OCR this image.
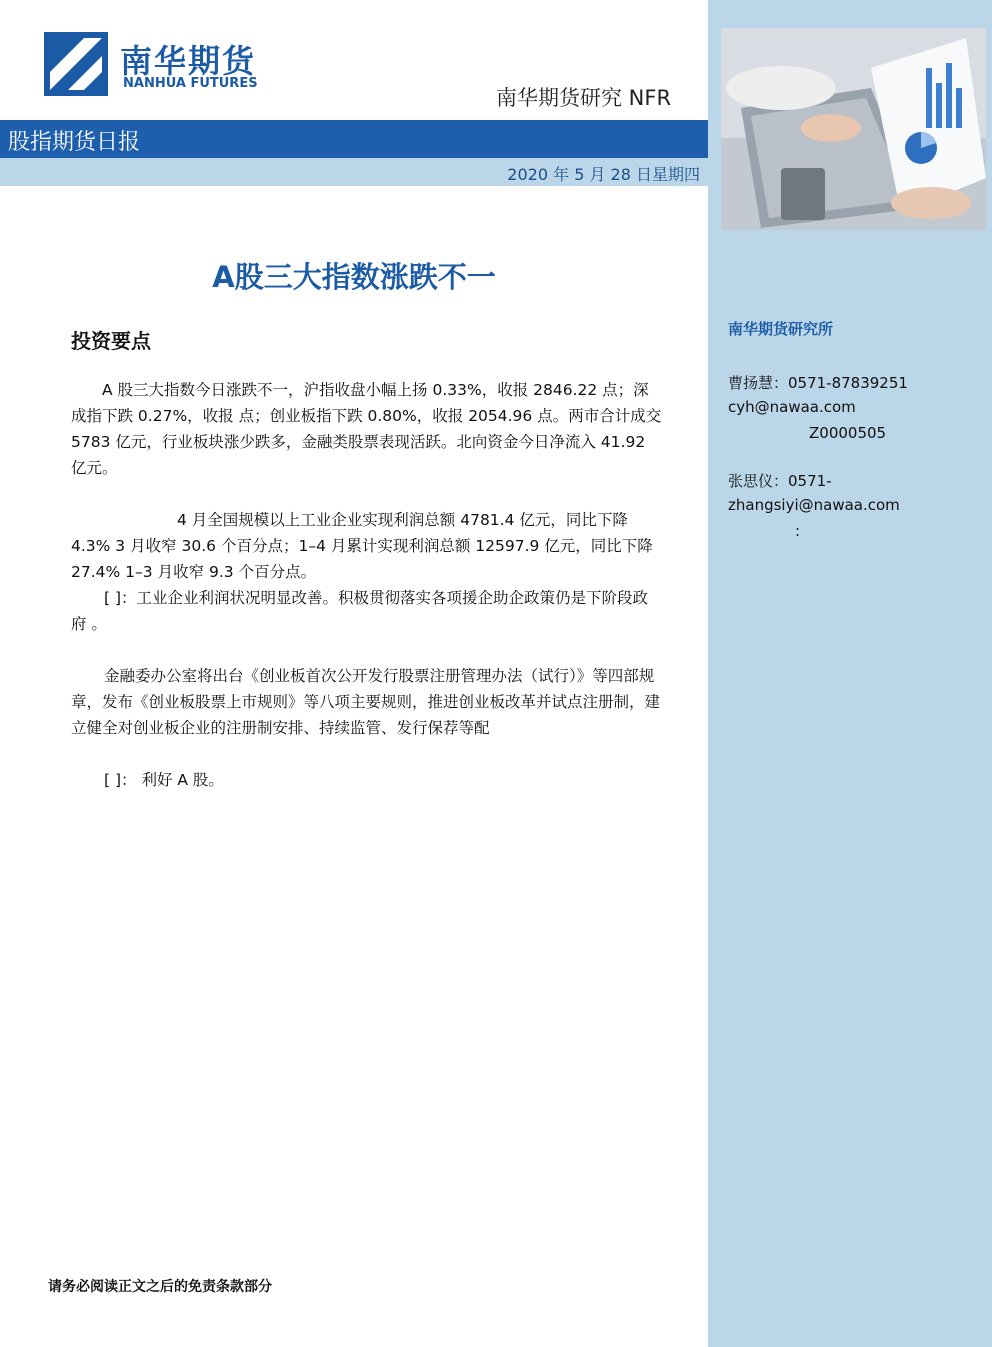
南华期货
NANHUA FUTURES
南华期货研究 NFR
股指期货日报
2020 年 5 月 28 日星期四
A股三大指数涨跌不一
投资要点
A 股三大指数今日涨跌不一，沪指收盘小幅上扬 0.33%，收报 2846.22 点；深成指下跌 0.27%，收报 点；创业板指下跌 0.80%，收报 2054.96 点。两市合计成交 5783 亿元，行业板块涨少跌多，金融类股票表现活跃。北向资金今日净流入 41.92 亿元。
4 月全国规模以上工业企业实现利润总额 4781.4 亿元，同比下降 4.3% 3 月收窄 30.6 个百分点；1–4 月累计实现利润总额 12597.9 亿元，同比下降 27.4% 1–3 月收窄 9.3 个百分点。
[ ]：工业企业利润状况明显改善。积极贯彻落实各项援企助企政策仍是下阶段政府 。
金融委办公室将出台《创业板首次公开发行股票注册管理办法（试行）》等四部规章，发布《创业板股票上市规则》等八项主要规则，推进创业板改革并试点注册制，建立健全对创业板企业的注册制安排、持续监管、发行保荐等配
[ ]： 利好 A 股。
南华期货研究所
曹扬慧：0571-87839251
cyh@nawaa.com
Z0000505
张思仪：0571-
zhangsiyi@nawaa.com
:
请务必阅读正文之后的免责条款部分
